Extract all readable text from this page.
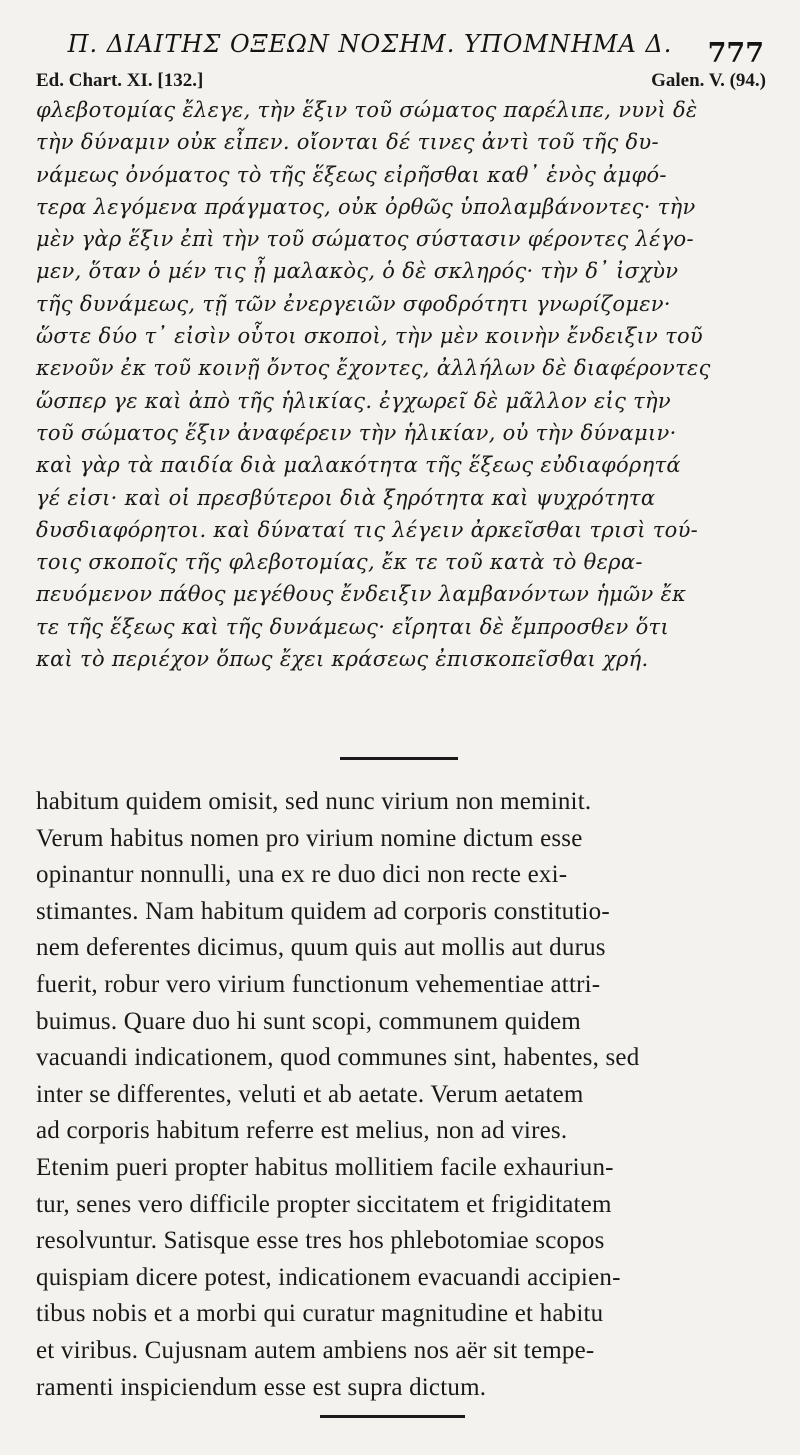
Π. ΔΙΑΙΤΗΣ ΟΞΕΩΝ ΝΟΣΗΜ. ΥΠΟΜΝΗΜΑ Δ. 777
Ed. Chart. XI. [132.]	Galen. V. (94.)
φλεβοτομίας ἔλεγε, τὴν ἕξιν τοῦ σώματος παρέλιπε, νυνὶ δὲ
τὴν δύναμιν οὐκ εἶπεν. οἴονται δέ τινες ἀντὶ τοῦ τῆς δυ-
νάμεως ὀνόματος τὸ τῆς ἕξεως εἰρῆσθαι καθ᾽ ἑνὸς ἀμφό-
τερα λεγόμενα πράγματος, οὐκ ὀρθῶς ὑπολαμβάνοντες· τὴν
μὲν γὰρ ἕξιν ἐπὶ τὴν τοῦ σώματος σύστασιν φέροντες λέγο-
μεν, ὅταν ὁ μέν τις ᾖ μαλακὸς, ὁ δὲ σκληρός· τὴν δ᾽ ἰσχὺν
τῆς δυνάμεως, τῇ τῶν ἐνεργειῶν σφοδρότητι γνωρίζομεν·
ὥστε δύο τ᾽ εἰσὶν οὗτοι σκοποὶ, τὴν μὲν κοινὴν ἔνδειξιν τοῦ
κενοῦν ἐκ τοῦ κοινῇ ὄντος ἔχοντες, ἀλλήλων δὲ διαφέροντες
ὥσπερ γε καὶ ἀπὸ τῆς ἡλικίας. ἐγχωρεῖ δὲ μᾶλλον εἰς τὴν
τοῦ σώματος ἕξιν ἀναφέρειν τὴν ἡλικίαν, οὐ τὴν δύναμιν·
καὶ γὰρ τὰ παιδία διὰ μαλακότητα τῆς ἕξεως εὐδιαφόρητά
γέ εἰσι· καὶ οἱ πρεσβύτεροι διὰ ξηρότητα καὶ ψυχρότητα
δυσδιαφόρητοι. καὶ δύναταί τις λέγειν ἀρκεῖσθαι τρισὶ τού-
τοις σκοποῖς τῆς φλεβοτομίας, ἔκ τε τοῦ κατὰ τὸ θερα-
πευόμενον πάθος μεγέθους ἔνδειξιν λαμβανόντων ἡμῶν ἔκ
τε τῆς ἕξεως καὶ τῆς δυνάμεως· εἴρηται δὲ ἔμπροσθεν ὅτι
καὶ τὸ περιέχον ὅπως ἔχει κράσεως ἐπισκοπεῖσθαι χρή.
habitum quidem omisit, sed nunc virium non meminit.
Verum habitus nomen pro virium nomine dictum esse
opinantur nonnulli, una ex re duo dici non recte exi-
stimantes. Nam habitum quidem ad corporis constitutio-
nem deferentes dicimus, quum quis aut mollis aut durus
fuerit, robur vero virium functionum vehementiae attri-
buimus. Quare duo hi sunt scopi, communem quidem
vacuandi indicationem, quod communes sint, habentes, sed
inter se differentes, veluti et ab aetate. Verum aetatem
ad corporis habitum referre est melius, non ad vires.
Etenim pueri propter habitus mollitiem facile exhauriun-
tur, senes vero difficile propter siccitatem et frigiditatem
resolvuntur. Satisque esse tres hos phlebotomiae scopos
quispiam dicere potest, indicationem evacuandi accipien-
tibus nobis et a morbi qui curatur magnitudine et habitu
et viribus. Cujusnam autem ambiens nos aër sit tempe-
ramenti inspiciendum esse est supra dictum.
